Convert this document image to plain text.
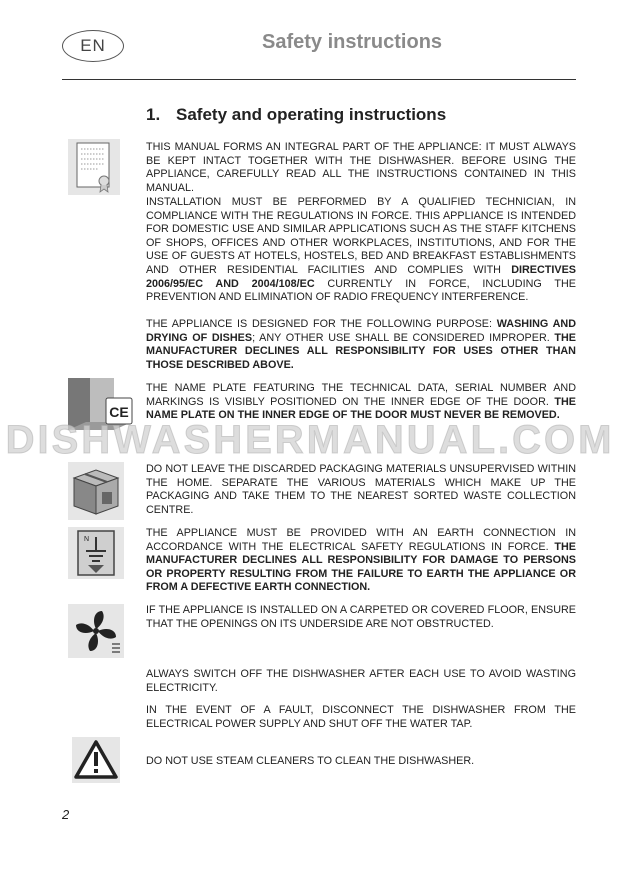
EN	Safety instructions
1. Safety and operating instructions
THIS MANUAL FORMS AN INTEGRAL PART OF THE APPLIANCE: IT MUST ALWAYS BE KEPT INTACT TOGETHER WITH THE DISHWASHER. BEFORE USING THE APPLIANCE, CAREFULLY READ ALL THE INSTRUCTIONS CONTAINED IN THIS MANUAL.
INSTALLATION MUST BE PERFORMED BY A QUALIFIED TECHNICIAN, IN COMPLIANCE WITH THE REGULATIONS IN FORCE. THIS APPLIANCE IS INTENDED FOR DOMESTIC USE AND SIMILAR APPLICATIONS SUCH AS THE STAFF KITCHENS OF SHOPS, OFFICES AND OTHER WORKPLACES, INSTITUTIONS, AND FOR THE USE OF GUESTS AT HOTELS, HOSTELS, BED AND BREAKFAST ESTABLISHMENTS AND OTHER RESIDENTIAL FACILITIES AND COMPLIES WITH DIRECTIVES 2006/95/EC AND 2004/108/EC CURRENTLY IN FORCE, INCLUDING THE PREVENTION AND ELIMINATION OF RADIO FREQUENCY INTERFERENCE.
THE APPLIANCE IS DESIGNED FOR THE FOLLOWING PURPOSE: WASHING AND DRYING OF DISHES; ANY OTHER USE SHALL BE CONSIDERED IMPROPER. THE MANUFACTURER DECLINES ALL RESPONSIBILITY FOR USES OTHER THAN THOSE DESCRIBED ABOVE.
CE
THE NAME PLATE FEATURING THE TECHNICAL DATA, SERIAL NUMBER AND MARKINGS IS VISIBLY POSITIONED ON THE INNER EDGE OF THE DOOR. THE NAME PLATE ON THE INNER EDGE OF THE DOOR MUST NEVER BE REMOVED.
DISHWASHERMANUAL.COM
DO NOT LEAVE THE DISCARDED PACKAGING MATERIALS UNSUPERVISED WITHIN THE HOME. SEPARATE THE VARIOUS MATERIALS WHICH MAKE UP THE PACKAGING AND TAKE THEM TO THE NEAREST SORTED WASTE COLLECTION CENTRE.
N
THE APPLIANCE MUST BE PROVIDED WITH AN EARTH CONNECTION IN ACCORDANCE WITH THE ELECTRICAL SAFETY REGULATIONS IN FORCE. THE MANUFACTURER DECLINES ALL RESPONSIBILITY FOR DAMAGE TO PERSONS OR PROPERTY RESULTING FROM THE FAILURE TO EARTH THE APPLIANCE OR FROM A DEFECTIVE EARTH CONNECTION.
IF THE APPLIANCE IS INSTALLED ON A CARPETED OR COVERED FLOOR, ENSURE THAT THE OPENINGS ON ITS UNDERSIDE ARE NOT OBSTRUCTED.
ALWAYS SWITCH OFF THE DISHWASHER AFTER EACH USE TO AVOID WASTING ELECTRICITY.
IN THE EVENT OF A FAULT, DISCONNECT THE DISHWASHER FROM THE ELECTRICAL POWER SUPPLY AND SHUT OFF THE WATER TAP.
DO NOT USE STEAM CLEANERS TO CLEAN THE DISHWASHER.
2
